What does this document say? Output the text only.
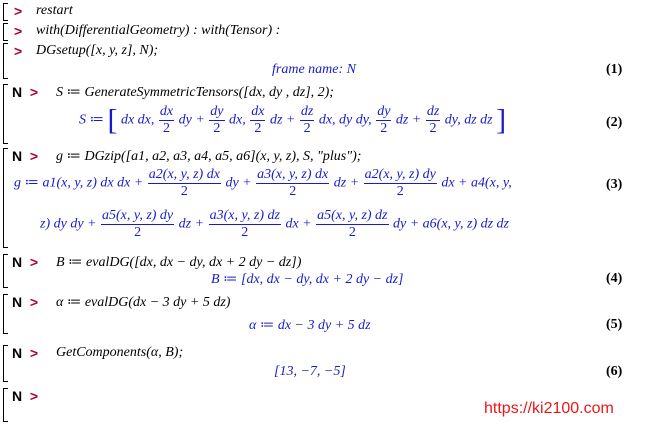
> restart
> with(DifferentialGeometry) : with(Tensor) :
> DGsetup([x, y, z], N);
frame name: N	(1)
N > S ≔ GenerateSymmetricTensors([dx, dy , dz], 2);
S ≔ [ dx dx, $\frac{dx}{2}$ dy + $\frac{dy}{2}$ dx, $\frac{dx}{2}$ dz + $\frac{dz}{2}$ dx, dy dy, $\frac{dy}{2}$ dz + $\frac{dz}{2}$ dy, dz dz ]	(2)
N > g ≔ DGzip([a1, a2, a3, a4, a5, a6](x, y, z), S, "plus");
g ≔ a1(x, y, z) dx dx + $\frac{a2(x, y, z) dx}{2}$ dy + $\frac{a3(x, y, z) dx}{2}$ dz + $\frac{a2(x, y, z) dy}{2}$ dx + a4(x, y,	(3)
z) dy dy + $\frac{a5(x, y, z) dy}{2}$ dz + $\frac{a3(x, y, z) dz}{2}$ dx + $\frac{a5(x, y, z) dz}{2}$ dy + a6(x, y, z) dz dz
N > B ≔ evalDG([dx, dx − dy, dx + 2 dy − dz])
B ≔ [dx, dx − dy, dx + 2 dy − dz]	(4)
N > α ≔ evalDG(dx − 3 dy + 5 dz)
α ≔ dx − 3 dy + 5 dz	(5)
N > GetComponents(α, B);
[13, −7, −5]	(6)
N >
https://ki2100.com
